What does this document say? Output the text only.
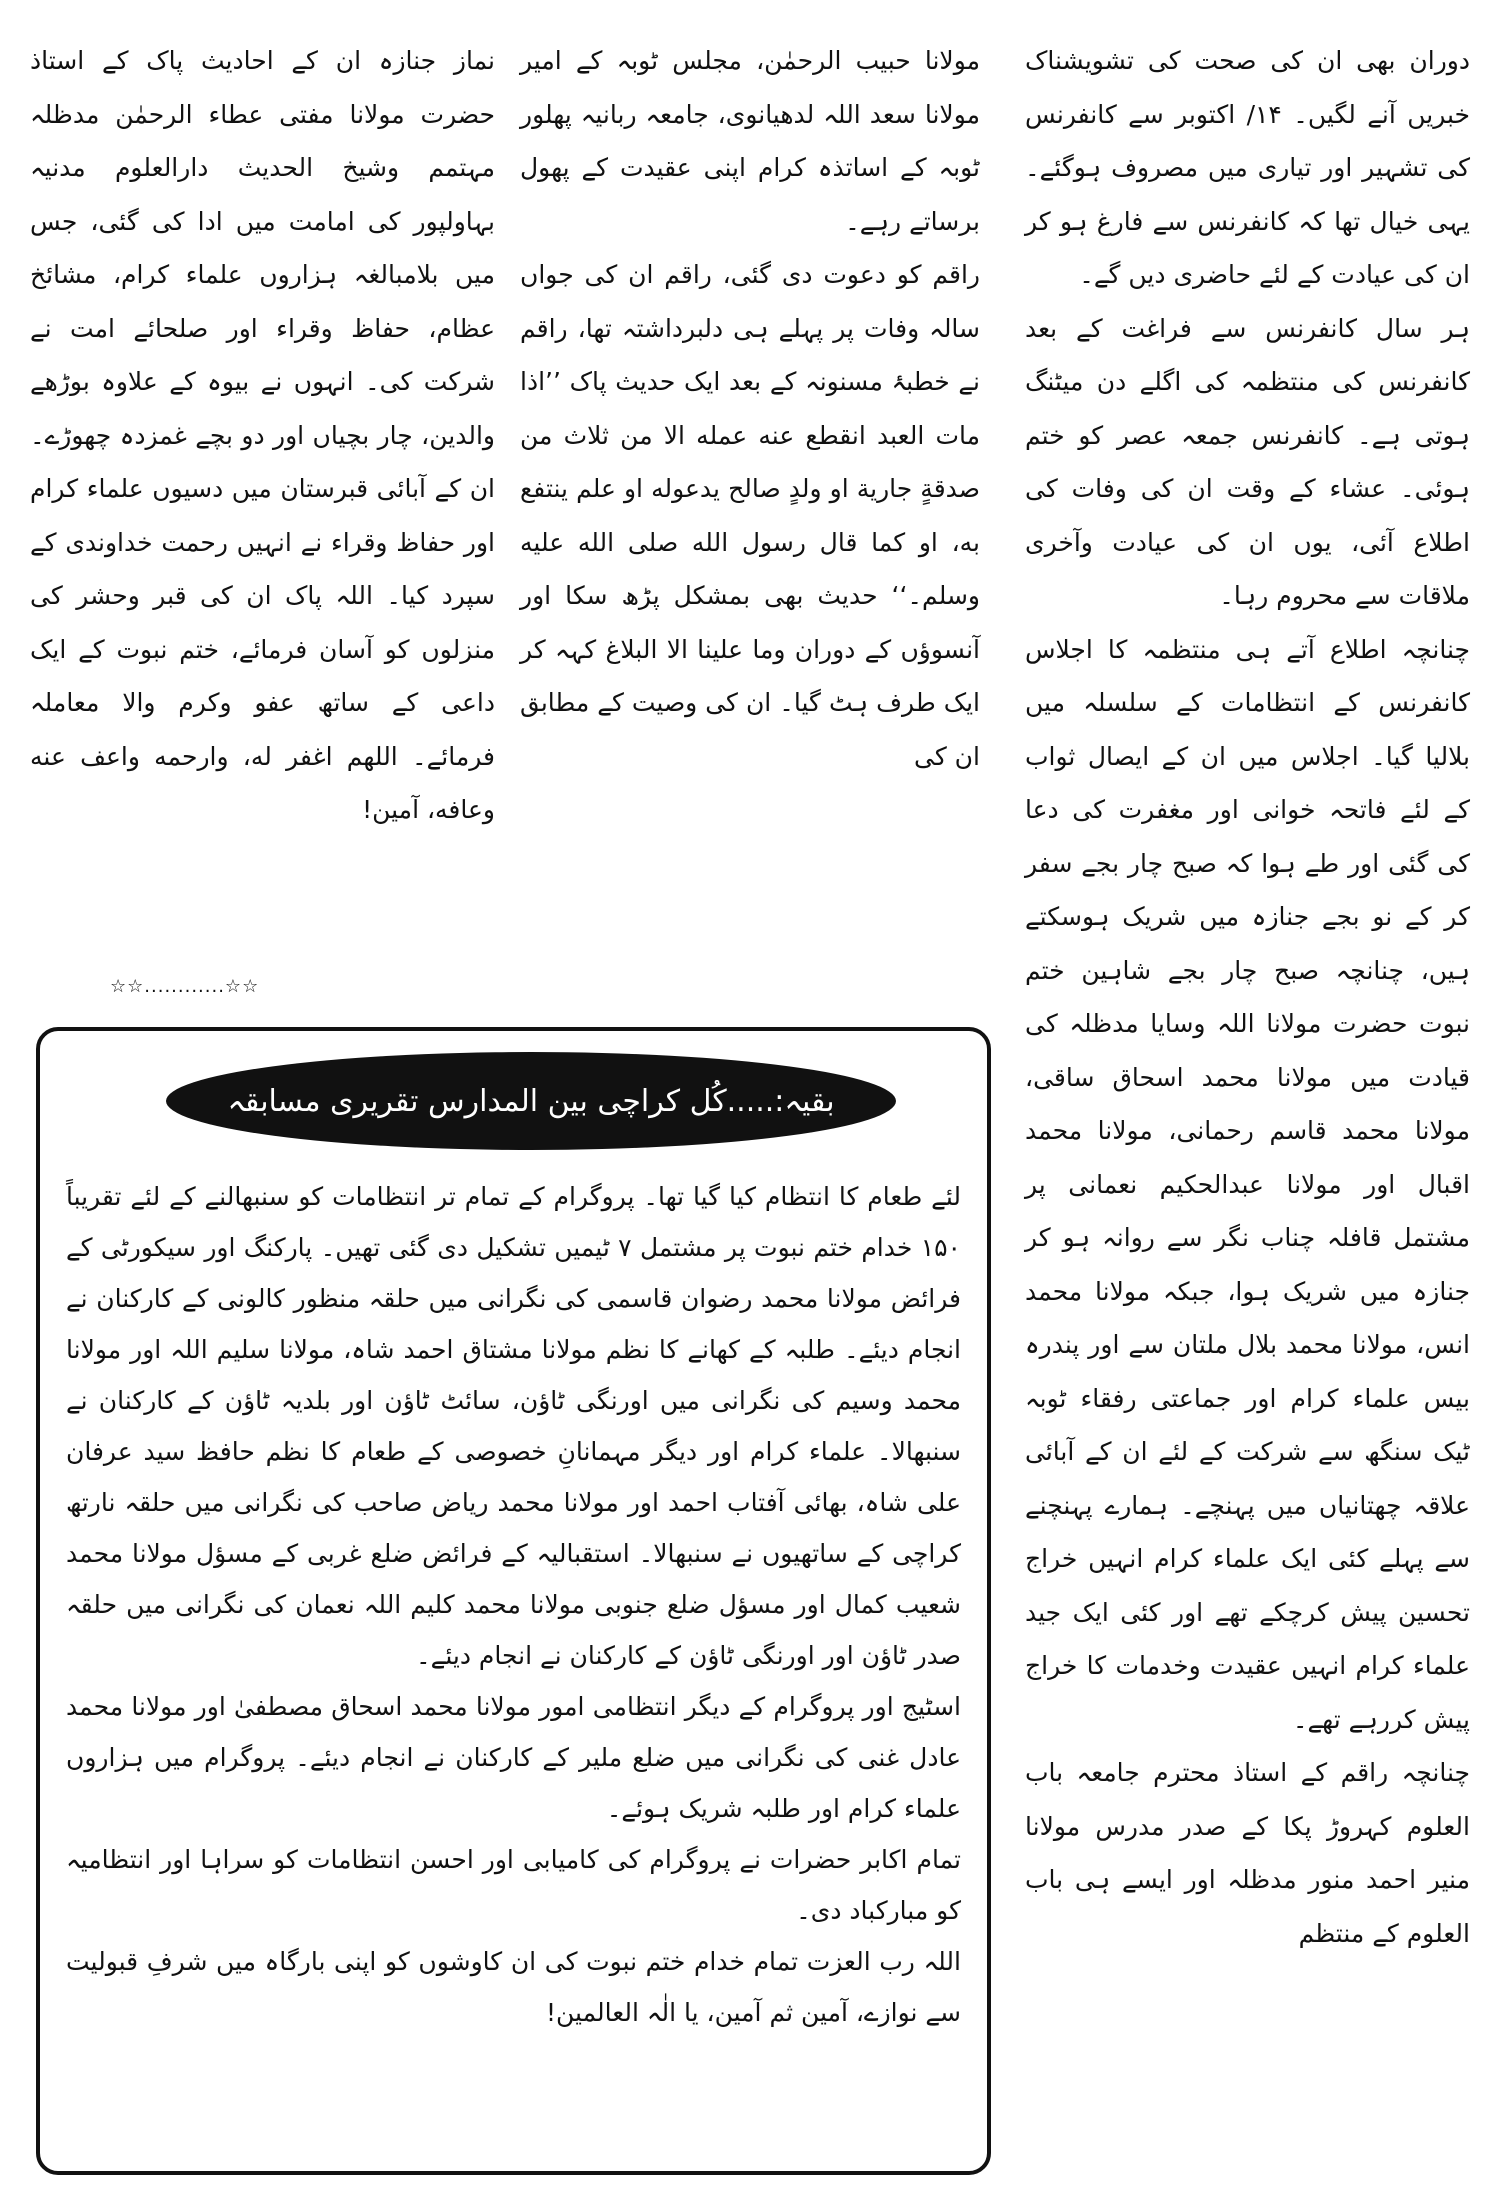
دوران بھی ان کی صحت کی تشویشناک خبریں آنے لگیں۔ ۱۴/ اکتوبر سے کانفرنس کی تشہیر اور تیاری میں مصروف ہوگئے۔ یہی خیال تھا کہ کانفرنس سے فارغ ہو کر ان کی عیادت کے لئے حاضری دیں گے۔

ہر سال کانفرنس سے فراغت کے بعد کانفرنس کی منتظمہ کی اگلے دن میٹنگ ہوتی ہے۔ کانفرنس جمعہ عصر کو ختم ہوئی۔ عشاء کے وقت ان کی وفات کی اطلاع آئی، یوں ان کی عیادت وآخری ملاقات سے محروم رہا۔

چنانچہ اطلاع آتے ہی منتظمہ کا اجلاس کانفرنس کے انتظامات کے سلسلہ میں بلالیا گیا۔ اجلاس میں ان کے ایصال ثواب کے لئے فاتحہ خوانی اور مغفرت کی دعا کی گئی اور طے ہوا کہ صبح چار بجے سفر کر کے نو بجے جنازہ میں شریک ہوسکتے ہیں، چنانچہ صبح چار بجے شاہین ختم نبوت حضرت مولانا اللہ وسایا مدظلہ کی قیادت میں مولانا محمد اسحاق ساقی، مولانا محمد قاسم رحمانی، مولانا محمد اقبال اور مولانا عبدالحکیم نعمانی پر مشتمل قافلہ چناب نگر سے روانہ ہو کر جنازہ میں شریک ہوا، جبکہ مولانا محمد انس، مولانا محمد بلال ملتان سے اور پندرہ بیس علماء کرام اور جماعتی رفقاء ٹوبہ ٹیک سنگھ سے شرکت کے لئے ان کے آبائی علاقہ چھتانیاں میں پہنچے۔ ہمارے پہنچنے سے پہلے کئی ایک علماء کرام انہیں خراج تحسین پیش کرچکے تھے اور کئی ایک جید علماء کرام انہیں عقیدت وخدمات کا خراج پیش کررہے تھے۔

چنانچہ راقم کے استاذ محترم جامعہ باب العلوم کہروڑ پکا کے صدر مدرس مولانا منیر احمد منور مدظلہ اور ایسے ہی باب العلوم کے منتظم

مولانا حبیب الرحمٰن، مجلس ٹوبہ کے امیر مولانا سعد اللہ لدھیانوی، جامعہ ربانیہ پھلور ٹوبہ کے اساتذہ کرام اپنی عقیدت کے پھول برساتے رہے۔

راقم کو دعوت دی گئی، راقم ان کی جواں سالہ وفات پر پہلے ہی دلبرداشتہ تھا، راقم نے خطبۂ مسنونہ کے بعد ایک حدیث پاک ’’اذا مات العبد انقطع عنه عمله الا من ثلاث من صدقةٍ جارية او ولدٍ صالح يدعوله او علم ينتفع به، او كما قال رسول الله صلى الله عليه وسلم۔‘‘ حدیث بھی بمشکل پڑھ سکا اور آنسوؤں کے دوران وما علينا الا البلاغ کہہ کر ایک طرف ہٹ گیا۔ ان کی وصیت کے مطابق ان کی

نماز جنازہ ان کے احادیث پاک کے استاذ حضرت مولانا مفتی عطاء الرحمٰن مدظلہ مہتمم وشیخ الحدیث دارالعلوم مدنیہ بہاولپور کی امامت میں ادا کی گئی، جس میں بلامبالغہ ہزاروں علماء کرام، مشائخ عظام، حفاظ وقراء اور صلحائے امت نے شرکت کی۔ انہوں نے بیوہ کے علاوہ بوڑھے والدین، چار بچیاں اور دو بچے غمزدہ چھوڑے۔ ان کے آبائی قبرستان میں دسیوں علماء کرام اور حفاظ وقراء نے انہیں رحمت خداوندی کے سپرد کیا۔ اللہ پاک ان کی قبر وحشر کی منزلوں کو آسان فرمائے، ختم نبوت کے ایک داعی کے ساتھ عفو وکرم والا معاملہ فرمائے۔ اللهم اغفر له، وارحمه واعف عنه وعافه، آمین!

☆☆............☆☆
بقیہ:.....کُل کراچی بین المدارس تقریری مسابقہ

لئے طعام کا انتظام کیا گیا تھا۔ پروگرام کے تمام تر انتظامات کو سنبھالنے کے لئے تقریباً ۱۵۰ خدام ختم نبوت پر مشتمل ۷ ٹیمیں تشکیل دی گئی تھیں۔ پارکنگ اور سیکورٹی کے فرائض مولانا محمد رضوان قاسمی کی نگرانی میں حلقہ منظور کالونی کے کارکنان نے انجام دیئے۔ طلبہ کے کھانے کا نظم مولانا مشتاق احمد شاہ، مولانا سلیم اللہ اور مولانا محمد وسیم کی نگرانی میں اورنگی ٹاؤن، سائٹ ٹاؤن اور بلدیہ ٹاؤن کے کارکنان نے سنبھالا۔ علماء کرام اور دیگر مہمانانِ خصوصی کے طعام کا نظم حافظ سید عرفان علی شاہ، بھائی آفتاب احمد اور مولانا محمد ریاض صاحب کی نگرانی میں حلقہ نارتھ کراچی کے ساتھیوں نے سنبھالا۔ استقبالیہ کے فرائض ضلع غربی کے مسؤل مولانا محمد شعیب کمال اور مسؤل ضلع جنوبی مولانا محمد کلیم اللہ نعمان کی نگرانی میں حلقہ صدر ٹاؤن اور اورنگی ٹاؤن کے کارکنان نے انجام دیئے۔

اسٹیج اور پروگرام کے دیگر انتظامی امور مولانا محمد اسحاق مصطفیٰ اور مولانا محمد عادل غنی کی نگرانی میں ضلع ملیر کے کارکنان نے انجام دیئے۔ پروگرام میں ہزاروں علماء کرام اور طلبہ شریک ہوئے۔

تمام اکابر حضرات نے پروگرام کی کامیابی اور احسن انتظامات کو سراہا اور انتظامیہ کو مبارکباد دی۔

اللہ رب العزت تمام خدام ختم نبوت کی ان کاوشوں کو اپنی بارگاہ میں شرفِ قبولیت سے نوازے، آمین ثم آمین، یا الٰہ العالمین!
